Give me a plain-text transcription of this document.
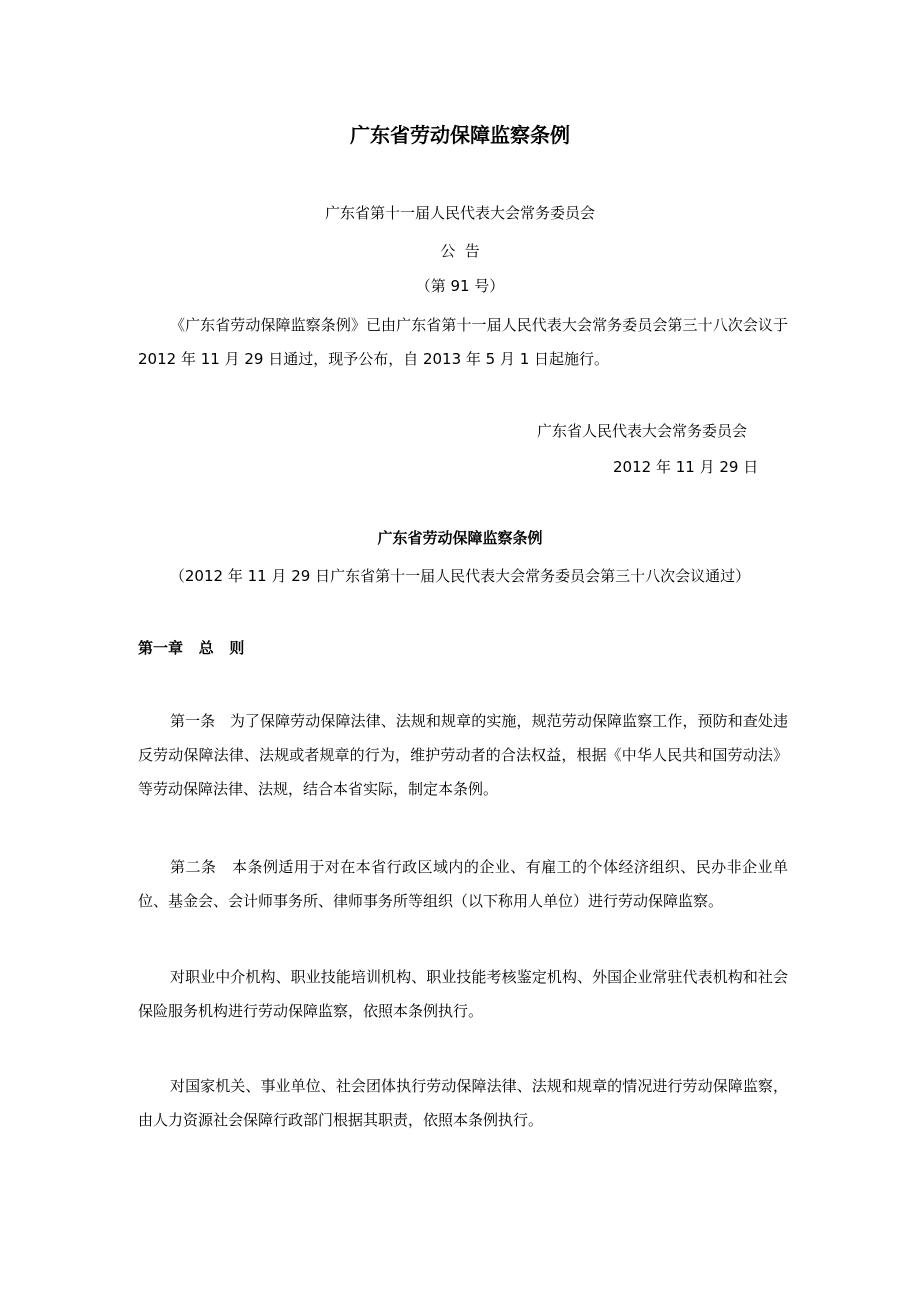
广东省劳动保障监察条例
广东省第十一届人民代表大会常务委员会
公  告
（第 91 号）
《广东省劳动保障监察条例》已由广东省第十一届人民代表大会常务委员会第三十八次会议于 2012 年 11 月 29 日通过，现予公布，自 2013 年 5 月 1 日起施行。
广东省人民代表大会常务委员会
2012 年 11 月 29 日
广东省劳动保障监察条例
（2012 年 11 月 29 日广东省第十一届人民代表大会常务委员会第三十八次会议通过）
第一章   总   则
第一条   为了保障劳动保障法律、法规和规章的实施，规范劳动保障监察工作，预防和查处违反劳动保障法律、法规或者规章的行为，维护劳动者的合法权益，根据《中华人民共和国劳动法》等劳动保障法律、法规，结合本省实际，制定本条例。
第二条   本条例适用于对在本省行政区域内的企业、有雇工的个体经济组织、民办非企业单位、基金会、会计师事务所、律师事务所等组织（以下称用人单位）进行劳动保障监察。
对职业中介机构、职业技能培训机构、职业技能考核鉴定机构、外国企业常驻代表机构和社会保险服务机构进行劳动保障监察，依照本条例执行。
对国家机关、事业单位、社会团体执行劳动保障法律、法规和规章的情况进行劳动保障监察，由人力资源社会保障行政部门根据其职责，依照本条例执行。
